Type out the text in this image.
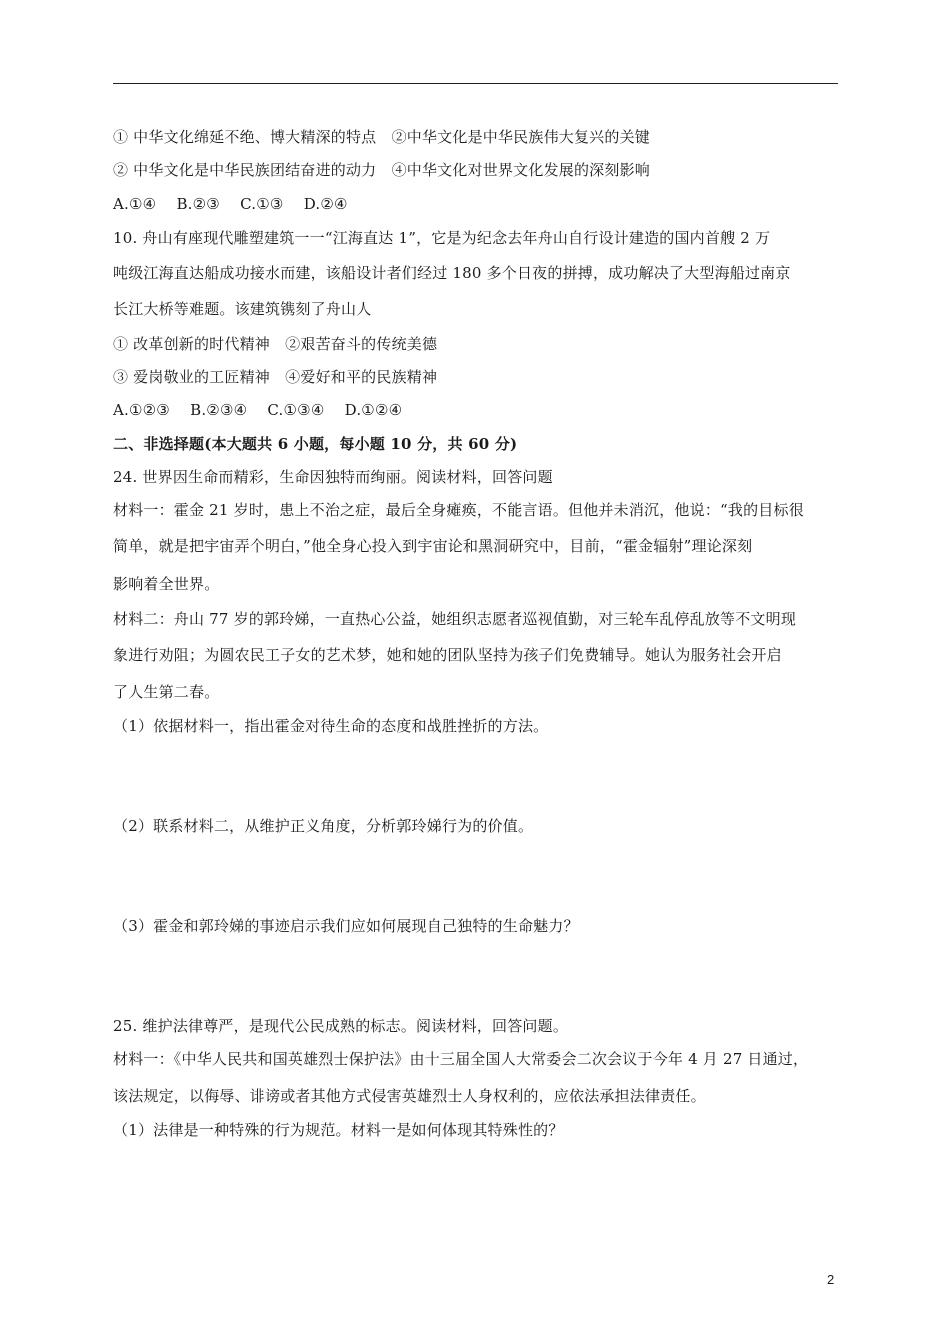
① 中华文化绵延不绝、博大精深的特点　②中华文化是中华民族伟大复兴的关键
② 中华文化是中华民族团结奋进的动力　④中华文化对世界文化发展的深刻影响
A.①④　 B.②③　 C.①③　 D.②④
10. 舟山有座现代雕塑建筑一一“江海直达 1”，它是为纪念去年舟山自行设计建造的国内首艘 2 万
吨级江海直达船成功接水而建，该船设计者们经过 180 多个日夜的拼搏，成功解决了大型海船过南京
长江大桥等难题。该建筑镌刻了舟山人
① 改革创新的时代精神　②艰苦奋斗的传统美德
③ 爱岗敬业的工匠精神　④爱好和平的民族精神
A.①②③　 B.②③④　 C.①③④　 D.①②④
二、非选择题(本大题共 6 小题，每小题 10 分，共 60 分)
24. 世界因生命而精彩，生命因独特而绚丽。阅读材料，回答问题
材料一：霍金 21 岁时，患上不治之症，最后全身瘫痪，不能言语。但他并未消沉，他说：“我的目标很
简单，就是把宇宙弄个明白，”他全身心投入到宇宙论和黑洞研究中，目前，“霍金辐射”理论深刻
影响着全世界。
材料二：舟山 77 岁的郭玲娣，一直热心公益，她组织志愿者巡视值勤，对三轮车乱停乱放等不文明现
象进行劝阻；为圆农民工子女的艺术梦，她和她的团队坚持为孩子们免费辅导。她认为服务社会开启
了人生第二春。
（1）依据材料一，指出霍金对待生命的态度和战胜挫折的方法。
（2）联系材料二，从维护正义角度，分析郭玲娣行为的价值。
（3）霍金和郭玲娣的事迹启示我们应如何展现自己独特的生命魅力？
25. 维护法律尊严，是现代公民成熟的标志。阅读材料，回答问题。
材料一：《中华人民共和国英雄烈士保护法》由十三届全国人大常委会二次会议于今年 4 月 27 日通过，
该法规定，以侮辱、诽谤或者其他方式侵害英雄烈士人身权利的，应依法承担法律责任。
（1）法律是一种特殊的行为规范。材料一是如何体现其特殊性的？
2
